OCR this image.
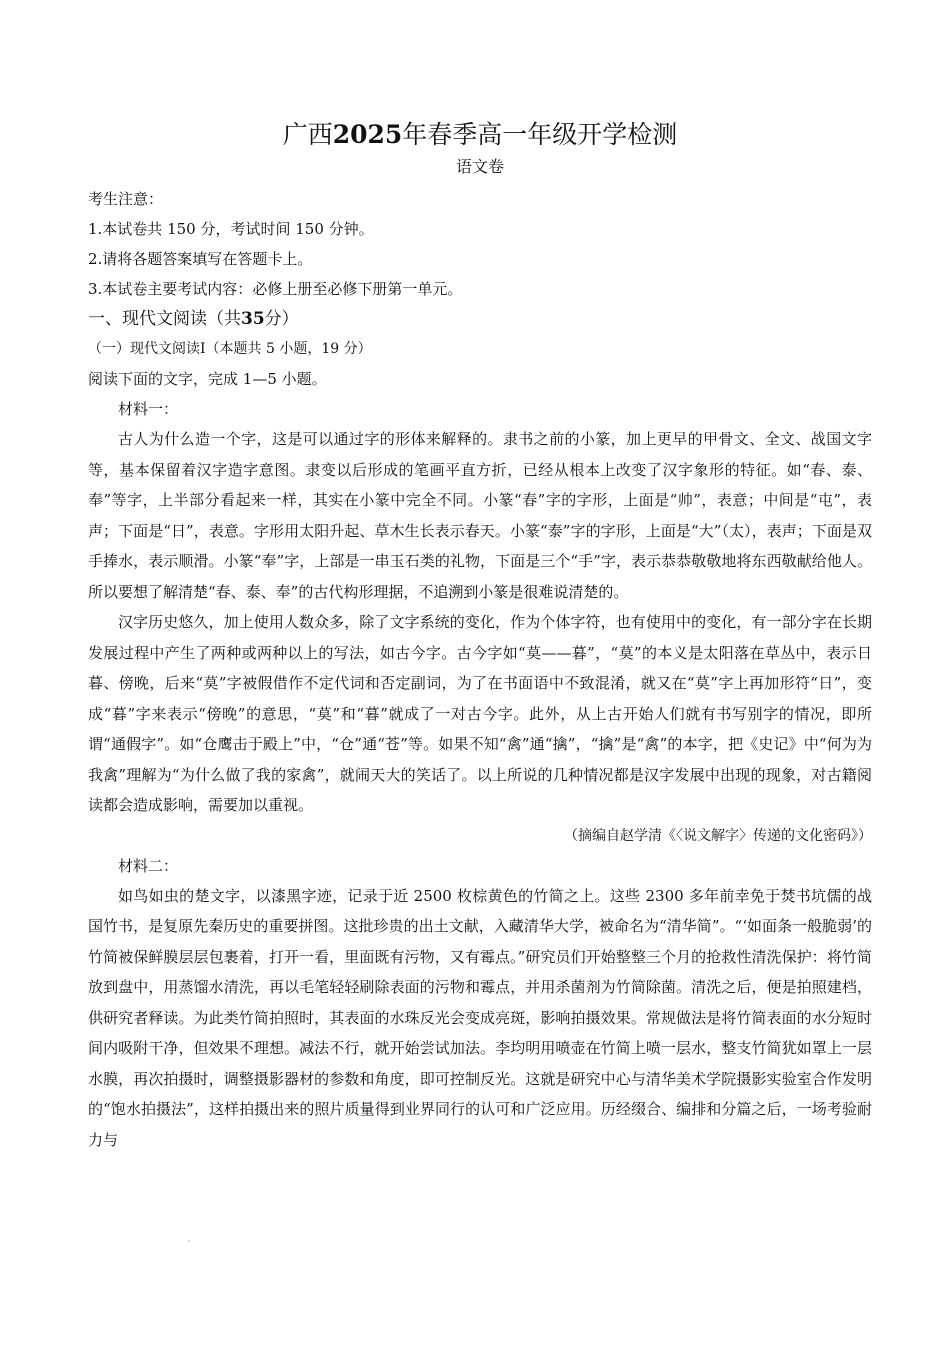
广西2025年春季高一年级开学检测

语文卷

考生注意：

1.本试卷共 150 分，考试时间 150 分钟。

2.请将各题答案填写在答题卡上。

3.本试卷主要考试内容：必修上册至必修下册第一单元。

一、现代文阅读（共35分）

（一）现代文阅读Ⅰ（本题共 5 小题，19 分）

阅读下面的文字，完成 1—5 小题。

材料一：

古人为什么造一个字，这是可以通过字的形体来解释的。隶书之前的小篆，加上更早的甲骨文、全文、战国文字等，基本保留着汉字造字意图。隶变以后形成的笔画平直方折，已经从根本上改变了汉字象形的特征。如“春、泰、奉”等字，上半部分看起来一样，其实在小篆中完全不同。小篆“春”字的字形，上面是“帅”，表意；中间是“屯”，表声；下面是“日”，表意。字形用太阳升起、草木生长表示春天。小篆“泰”字的字形，上面是“大”（太），表声；下面是双手捧水，表示顺滑。小篆“奉”字，上部是一串玉石类的礼物，下面是三个“手”字，表示恭恭敬敬地将东西敬献给他人。所以要想了解清楚“春、泰、奉”的古代构形理据，不追溯到小篆是很难说清楚的。

汉字历史悠久，加上使用人数众多，除了文字系统的变化，作为个体字符，也有使用中的变化，有一部分字在长期发展过程中产生了两种或两种以上的写法，如古今字。古今字如“莫——暮”，“莫”的本义是太阳落在草丛中，表示日暮、傍晚，后来“莫”字被假借作不定代词和否定副词，为了在书面语中不致混淆，就又在“莫”字上再加形符“日”，变成“暮”字来表示“傍晚”的意思，“莫”和“暮”就成了一对古今字。此外，从上古开始人们就有书写别字的情况，即所谓“通假字”。如“仓鹰击于殿上”中，“仓”通“苍”等。如果不知“禽”通“擒”，“擒”是“禽”的本字，把《史记》中“何为为我禽”理解为“为什么做了我的家禽”，就闹天大的笑话了。以上所说的几种情况都是汉字发展中出现的现象，对古籍阅读都会造成影响，需要加以重视。

（摘编自赵学清《〈说文解字〉传递的文化密码》）

材料二：

如鸟如虫的楚文字，以漆黑字迹，记录于近 2500 枚棕黄色的竹简之上。这些 2300 多年前幸免于焚书坑儒的战国竹书，是复原先秦历史的重要拼图。这批珍贵的出土文献，入藏清华大学，被命名为“清华简”。“‘如面条一般脆弱’的竹简被保鲜膜层层包裹着，打开一看，里面既有污物，又有霉点。”研究员们开始整整三个月的抢救性清洗保护：将竹简放到盘中，用蒸馏水清洗，再以毛笔轻轻刷除表面的污物和霉点，并用杀菌剂为竹简除菌。清洗之后，便是拍照建档，供研究者释读。为此类竹简拍照时，其表面的水珠反光会变成亮斑，影响拍摄效果。常规做法是将竹简表面的水分短时间内吸附干净，但效果不理想。减法不行，就开始尝试加法。李均明用喷壶在竹简上喷一层水，整支竹简犹如罩上一层水膜，再次拍摄时，调整摄影器材的参数和角度，即可控制反光。这就是研究中心与清华美术学院摄影实验室合作发明的“饱水拍摄法”，这样拍摄出来的照片质量得到业界同行的认可和广泛应用。历经缀合、编排和分篇之后，一场考验耐力与
